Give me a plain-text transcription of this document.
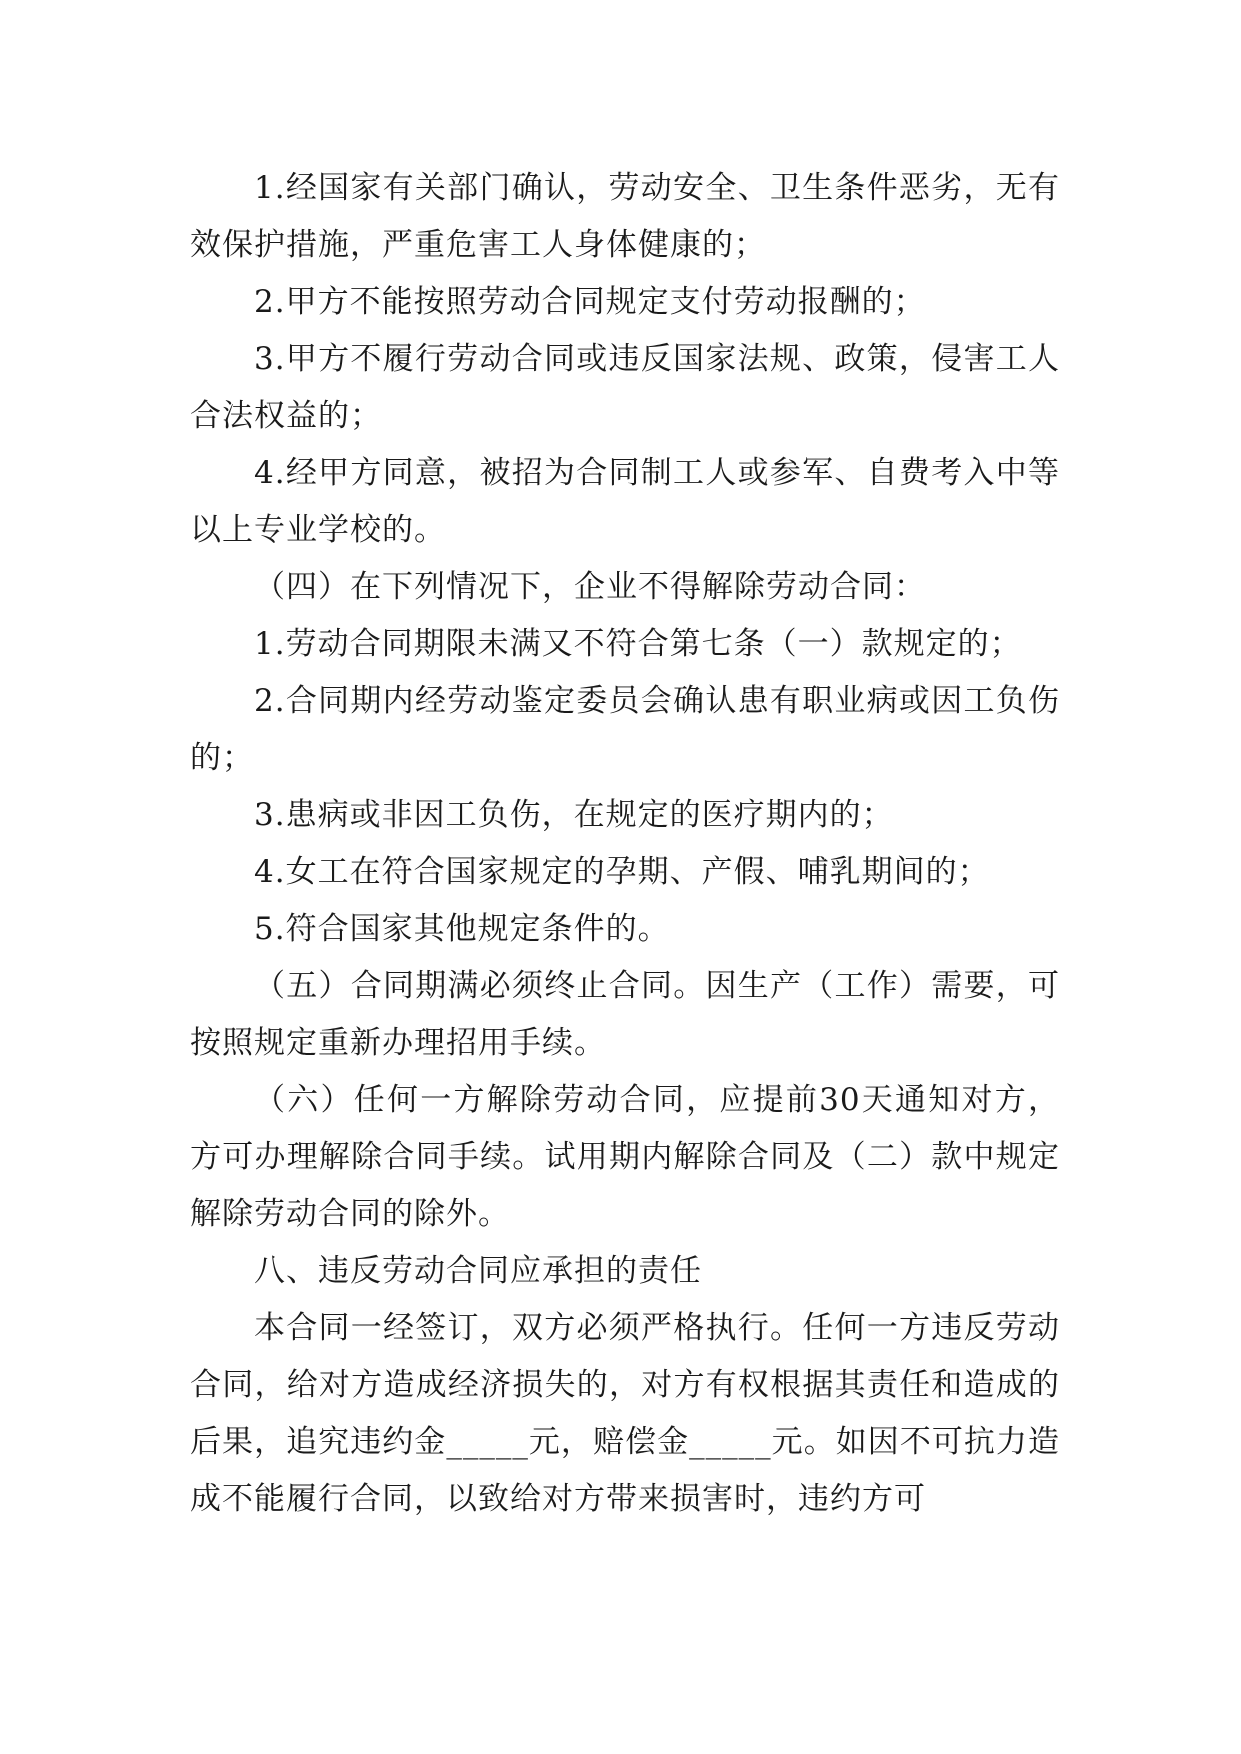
1.经国家有关部门确认，劳动安全、卫生条件恶劣，无有效保护措施，严重危害工人身体健康的；

2.甲方不能按照劳动合同规定支付劳动报酬的；

3.甲方不履行劳动合同或违反国家法规、政策，侵害工人合法权益的；

4.经甲方同意，被招为合同制工人或参军、自费考入中等以上专业学校的。

（四）在下列情况下，企业不得解除劳动合同：

1.劳动合同期限未满又不符合第七条（一）款规定的；

2.合同期内经劳动鉴定委员会确认患有职业病或因工负伤的；

3.患病或非因工负伤，在规定的医疗期内的；

4.女工在符合国家规定的孕期、产假、哺乳期间的；

5.符合国家其他规定条件的。

（五）合同期满必须终止合同。因生产（工作）需要，可按照规定重新办理招用手续。

（六）任何一方解除劳动合同，应提前30天通知对方，方可办理解除合同手续。试用期内解除合同及（二）款中规定解除劳动合同的除外。

八、违反劳动合同应承担的责任

本合同一经签订，双方必须严格执行。任何一方违反劳动合同，给对方造成经济损失的，对方有权根据其责任和造成的后果，追究违约金_____元，赔偿金_____元。如因不可抗力造成不能履行合同，以致给对方带来损害时，违约方可
